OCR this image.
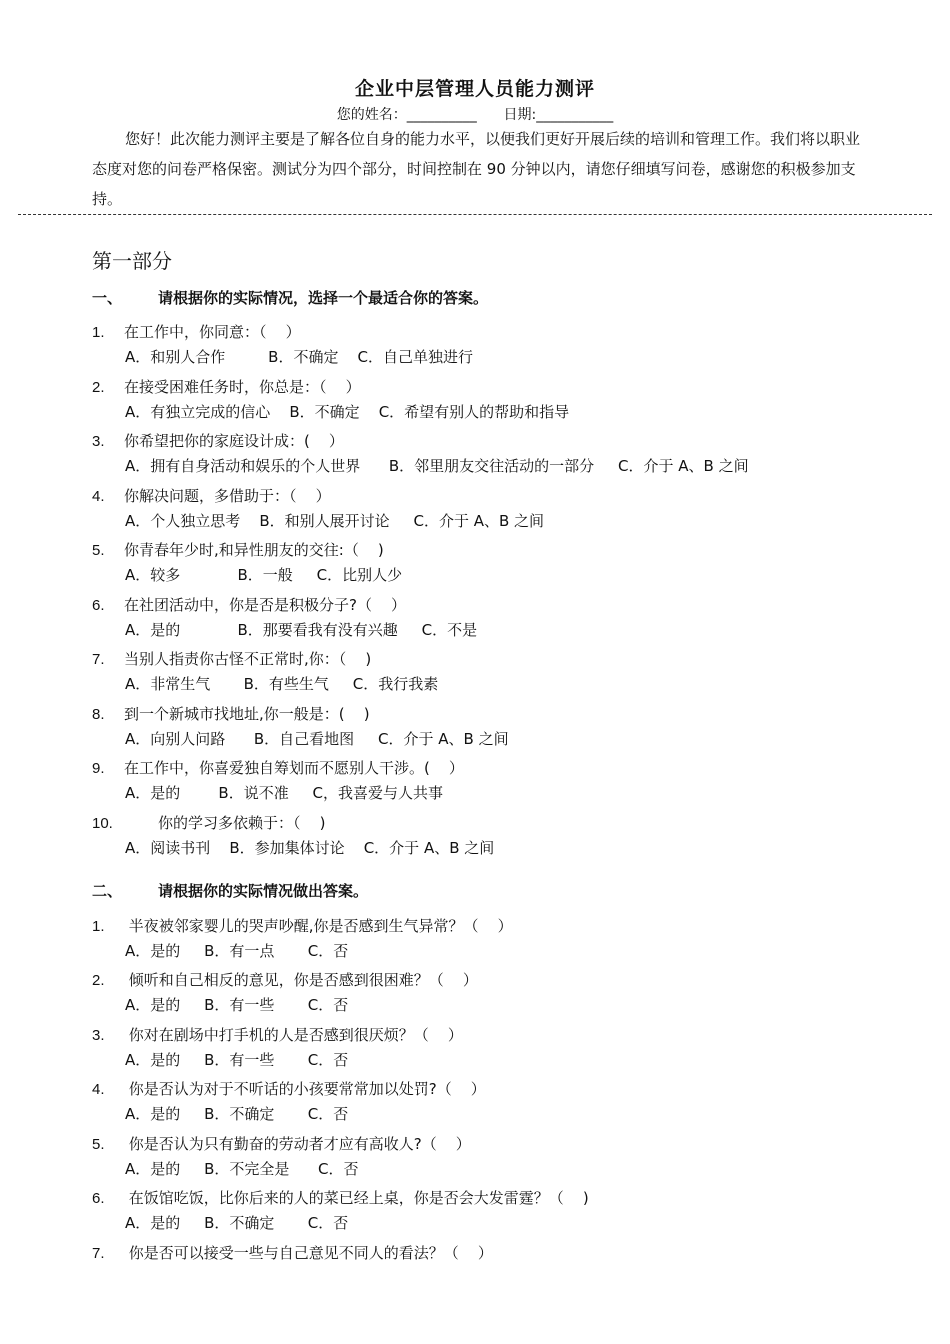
企业中层管理人员能力测评
您的姓名：__________      日期:___________

您好！此次能力测评主要是了解各位自身的能力水平，以便我们更好开展后续的培训和管理工作。我们将以职业态度对您的问卷严格保密。测试分为四个部分，时间控制在 90 分钟以内，请您仔细填写问卷，感谢您的积极参加支持。

第一部分
一、 请根据你的实际情况，选择一个最适合你的答案。
1. 在工作中，你同意：（    ）
A．和别人合作         B．不确定    C．自己单独进行
2. 在接受困难任务时，你总是：（    ）
A．有独立完成的信心    B．不确定    C．希望有别人的帮助和指导
3. 你希望把你的家庭设计成：(    ）
A．拥有自身活动和娱乐的个人世界      B．邻里朋友交往活动的一部分     C．介于 A、B 之间
4. 你解决问题，多借助于：（    ）
A．个人独立思考    B．和别人展开讨论     C．介于 A、B 之间
5. 你青春年少时,和异性朋友的交往:（    )
A．较多            B．一般     C．比别人少
6. 在社团活动中，你是否是积极分子?（    ）
A．是的            B．那要看我有没有兴趣     C．不是
7. 当别人指责你古怪不正常时,你：（    )
A．非常生气       B．有些生气     C．我行我素
8. 到一个新城市找地址,你一般是：(    )
A．向别人问路      B．自己看地图     C．介于 A、B 之间
9. 在工作中，你喜爱独自筹划而不愿别人干涉。(    ）
A．是的        B．说不准     C，我喜爱与人共事
10.	你的学习多依赖于：（    )
A．阅读书刊    B．参加集体讨论    C．介于 A、B 之间
二、 请根据你的实际情况做出答案。
1. 半夜被邻家婴儿的哭声吵醒,你是否感到生气异常？（    ）
A．是的     B．有一点       C．否
2. 倾听和自己相反的意见，你是否感到很困难？（    ）
A．是的     B．有一些       C．否
3. 你对在剧场中打手机的人是否感到很厌烦？（    ）
A．是的     B．有一些       C．否
4. 你是否认为对于不听话的小孩要常常加以处罚?（    ）
A．是的     B．不确定       C．否
5. 你是否认为只有勤奋的劳动者才应有高收人?（    ）
A．是的     B．不完全是      C．否
6. 在饭馆吃饭，比你后来的人的菜已经上桌，你是否会大发雷霆？（    )
A．是的     B．不确定       C．否
7. 你是否可以接受一些与自己意见不同人的看法？（    ）
